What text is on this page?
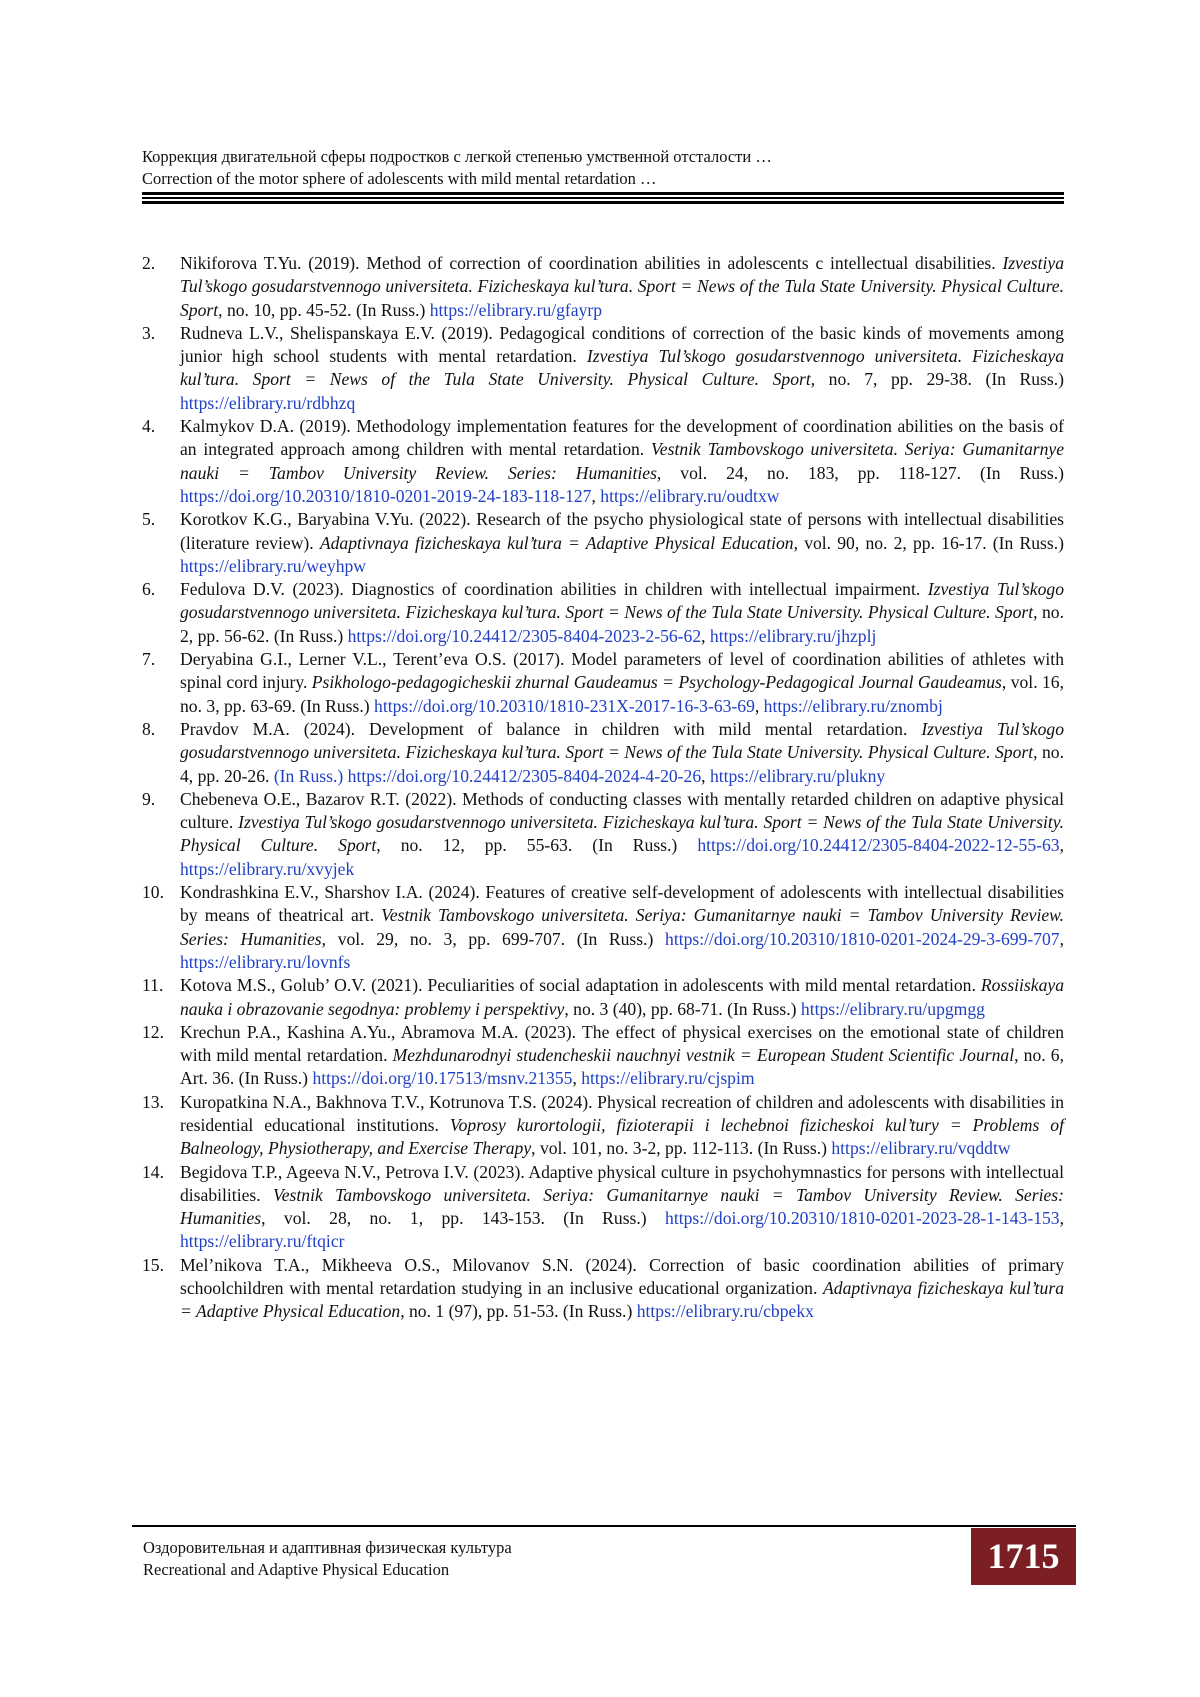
Коррекция двигательной сферы подростков с легкой степенью умственной отсталости …
Correction of the motor sphere of adolescents with mild mental retardation …
2. Nikiforova T.Yu. (2019). Method of correction of coordination abilities in adolescents c intellectual disabilities. Izvestiya Tul’skogo gosudarstvennogo universiteta. Fizicheskaya kul’tura. Sport = News of the Tula State University. Physical Culture. Sport, no. 10, pp. 45-52. (In Russ.) https://elibrary.ru/gfayrp
3. Rudneva L.V., Shelispanskaya E.V. (2019). Pedagogical conditions of correction of the basic kinds of movements among junior high school students with mental retardation. Izvestiya Tul’skogo gosudarstvennogo universiteta. Fizicheskaya kul’tura. Sport = News of the Tula State University. Physical Culture. Sport, no. 7, pp. 29-38. (In Russ.) https://elibrary.ru/rdbhzq
4. Kalmykov D.A. (2019). Methodology implementation features for the development of coordination abilities on the basis of an integrated approach among children with mental retardation. Vestnik Tambovskogo universiteta. Seriya: Gumanitarnye nauki = Tambov University Review. Series: Humanities, vol. 24, no. 183, pp. 118-127. (In Russ.) https://doi.org/10.20310/1810-0201-2019-24-183-118-127, https://elibrary.ru/oudtxw
5. Korotkov K.G., Baryabina V.Yu. (2022). Research of the psycho physiological state of persons with intellectual disabilities (literature review). Adaptivnaya fizicheskaya kul’tura = Adaptive Physical Education, vol. 90, no. 2, pp. 16-17. (In Russ.) https://elibrary.ru/weyhpw
6. Fedulova D.V. (2023). Diagnostics of coordination abilities in children with intellectual impairment. Izvestiya Tul’skogo gosudarstvennogo universiteta. Fizicheskaya kul’tura. Sport = News of the Tula State University. Physical Culture. Sport, no. 2, pp. 56-62. (In Russ.) https://doi.org/10.24412/2305-8404-2023-2-56-62, https://elibrary.ru/jhzplj
7. Deryabina G.I., Lerner V.L., Terent’eva O.S. (2017). Model parameters of level of coordination abilities of athletes with spinal cord injury. Psikhologo-pedagogicheskii zhurnal Gaudeamus = Psychology-Pedagogical Journal Gaudeamus, vol. 16, no. 3, pp. 63-69. (In Russ.) https://doi.org/10.20310/1810-231X-2017-16-3-63-69, https://elibrary.ru/znombj
8. Pravdov M.A. (2024). Development of balance in children with mild mental retardation. Izvestiya Tul’skogo gosudarstvennogo universiteta. Fizicheskaya kul’tura. Sport = News of the Tula State University. Physical Culture. Sport, no. 4, pp. 20-26. (In Russ.) https://doi.org/10.24412/2305-8404-2024-4-20-26, https://elibrary.ru/plukny
9. Chebeneva O.E., Bazarov R.T. (2022). Methods of conducting classes with mentally retarded children on adaptive physical culture. Izvestiya Tul’skogo gosudarstvennogo universiteta. Fizicheskaya kul’tura. Sport = News of the Tula State University. Physical Culture. Sport, no. 12, pp. 55-63. (In Russ.) https://doi.org/10.24412/2305-8404-2022-12-55-63, https://elibrary.ru/xvyjek
10. Kondrashkina E.V., Sharshov I.A. (2024). Features of creative self-development of adolescents with intellectual disabilities by means of theatrical art. Vestnik Tambovskogo universiteta. Seriya: Gumanitarnye nauki = Tambov University Review. Series: Humanities, vol. 29, no. 3, pp. 699-707. (In Russ.) https://doi.org/10.20310/1810-0201-2024-29-3-699-707, https://elibrary.ru/lovnfs
11. Kotova M.S., Golub’ O.V. (2021). Peculiarities of social adaptation in adolescents with mild mental retardation. Rossiiskaya nauka i obrazovanie segodnya: problemy i perspektivy, no. 3 (40), pp. 68-71. (In Russ.) https://elibrary.ru/upgmgg
12. Krechun P.A., Kashina A.Yu., Abramova M.A. (2023). The effect of physical exercises on the emotional state of children with mild mental retardation. Mezhdunarodnyi studencheskii nauchnyi vestnik = European Student Scientific Journal, no. 6, Art. 36. (In Russ.) https://doi.org/10.17513/msnv.21355, https://elibrary.ru/cjspim
13. Kuropatkina N.A., Bakhnova T.V., Kotrunova T.S. (2024). Physical recreation of children and adolescents with disabilities in residential educational institutions. Voprosy kurortologii, fizioterapii i lechebnoi fizicheskoi kul’tury = Problems of Balneology, Physiotherapy, and Exercise Therapy, vol. 101, no. 3-2, pp. 112-113. (In Russ.) https://elibrary.ru/vqddtw
14. Begidova T.P., Ageeva N.V., Petrova I.V. (2023). Adaptive physical culture in psychohymnastics for persons with intellectual disabilities. Vestnik Tambovskogo universiteta. Seriya: Gumanitarnye nauki = Tambov University Review. Series: Humanities, vol. 28, no. 1, pp. 143-153. (In Russ.) https://doi.org/10.20310/1810-0201-2023-28-1-143-153, https://elibrary.ru/ftqicr
15. Mel’nikova T.A., Mikheeva O.S., Milovanov S.N. (2024). Correction of basic coordination abilities of primary schoolchildren with mental retardation studying in an inclusive educational organization. Adaptivnaya fizicheskaya kul’tura = Adaptive Physical Education, no. 1 (97), pp. 51-53. (In Russ.) https://elibrary.ru/cbpekx
Оздоровительная и адаптивная физическая культура
Recreational and Adaptive Physical Education	1715
